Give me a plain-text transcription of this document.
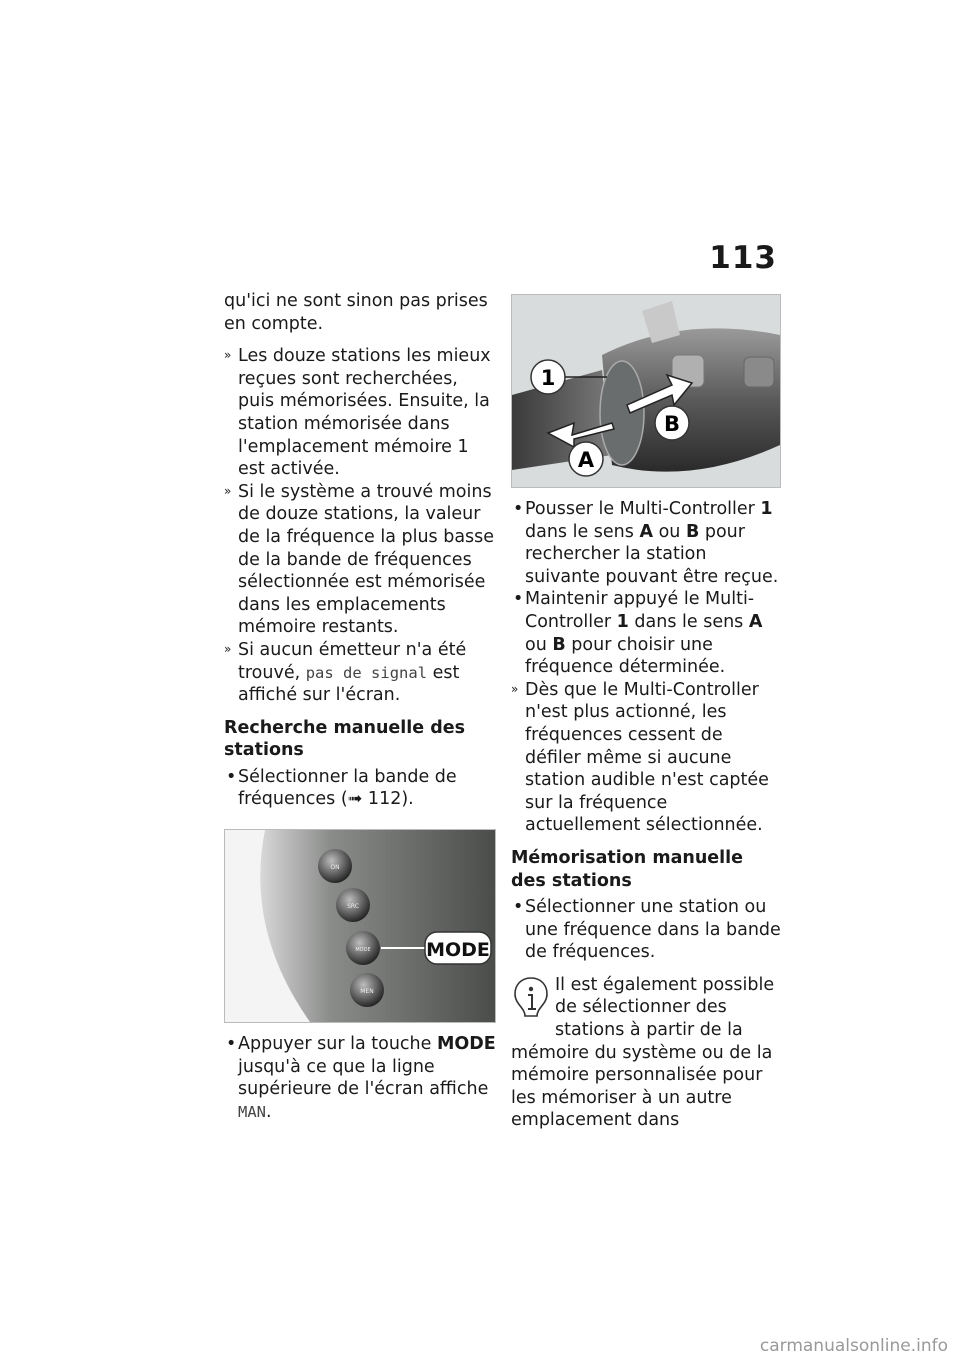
113

qu'ici ne sont sinon pas prises en compte.

» Les douze stations les mieux reçues sont recherchées, puis mémorisées. Ensuite, la station mémorisée dans l'emplacement mémoire 1 est activée.
» Si le système a trouvé moins de douze stations, la valeur de la fréquence la plus basse de la bande de fréquences sélectionnée est mémorisée dans les emplacements mémoire restants.
» Si aucun émetteur n'a été trouvé, pas de signal est affiché sur l'écran.
Recherche manuelle des stations
• Sélectionner la bande de fréquences (➟ 112).
ON
SRC
MODE
MEN
MODE
• Appuyer sur la touche MODE jusqu'à ce que la ligne supérieure de l'écran affiche MAN.
1
A
B
• Pousser le Multi-Controller 1 dans le sens A ou B pour rechercher la station suivante pouvant être reçue.
• Maintenir appuyé le Multi-Controller 1 dans le sens A ou B pour choisir une fréquence déterminée.
» Dès que le Multi-Controller n'est plus actionné, les fréquences cessent de défiler même si aucune station audible n'est captée sur la fréquence actuellement sélectionnée.
Mémorisation manuelle des stations
• Sélectionner une station ou une fréquence dans la bande de fréquences.
Il est également possible de sélectionner des stations à partir de la mémoire du système ou de la mémoire personnalisée pour les mémoriser à un autre emplacement dans
carmanualsonline.info
